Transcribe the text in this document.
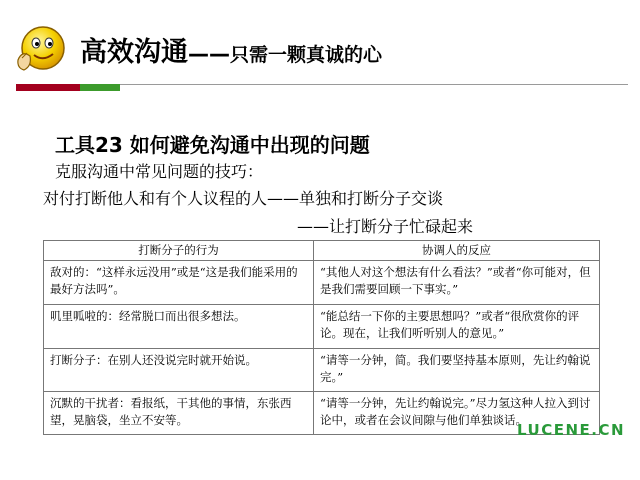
高效沟通——只需一颗真诚的心
工具23 如何避免沟通中出现的问题
克服沟通中常见问题的技巧：
对付打断他人和有个人议程的人——单独和打断分子交谈
——让打断分子忙碌起来
打断分子的行为	协调人的反应
敌对的：“这样永远没用”或是“这是我们能采用的最好方法吗”。	“其他人对这个想法有什么看法？”或者“你可能对，但是我们需要回顾一下事实。”
叽里呱啦的：经常脱口而出很多想法。	“能总结一下你的主要思想吗？”或者“很欣赏你的评论。现在，让我们听听别人的意见。”
打断分子：在别人还没说完时就开始说。	“请等一分钟，简。我们要坚持基本原则，先让约翰说完。”
沉默的干扰者：看报纸，干其他的事情，东张西望，晃脑袋，坐立不安等。	“请等一分钟，先让约翰说完。”尽力氢这种人拉入到讨论中，或者在会议间隙与他们单独谈话。
LUCENE.CN
